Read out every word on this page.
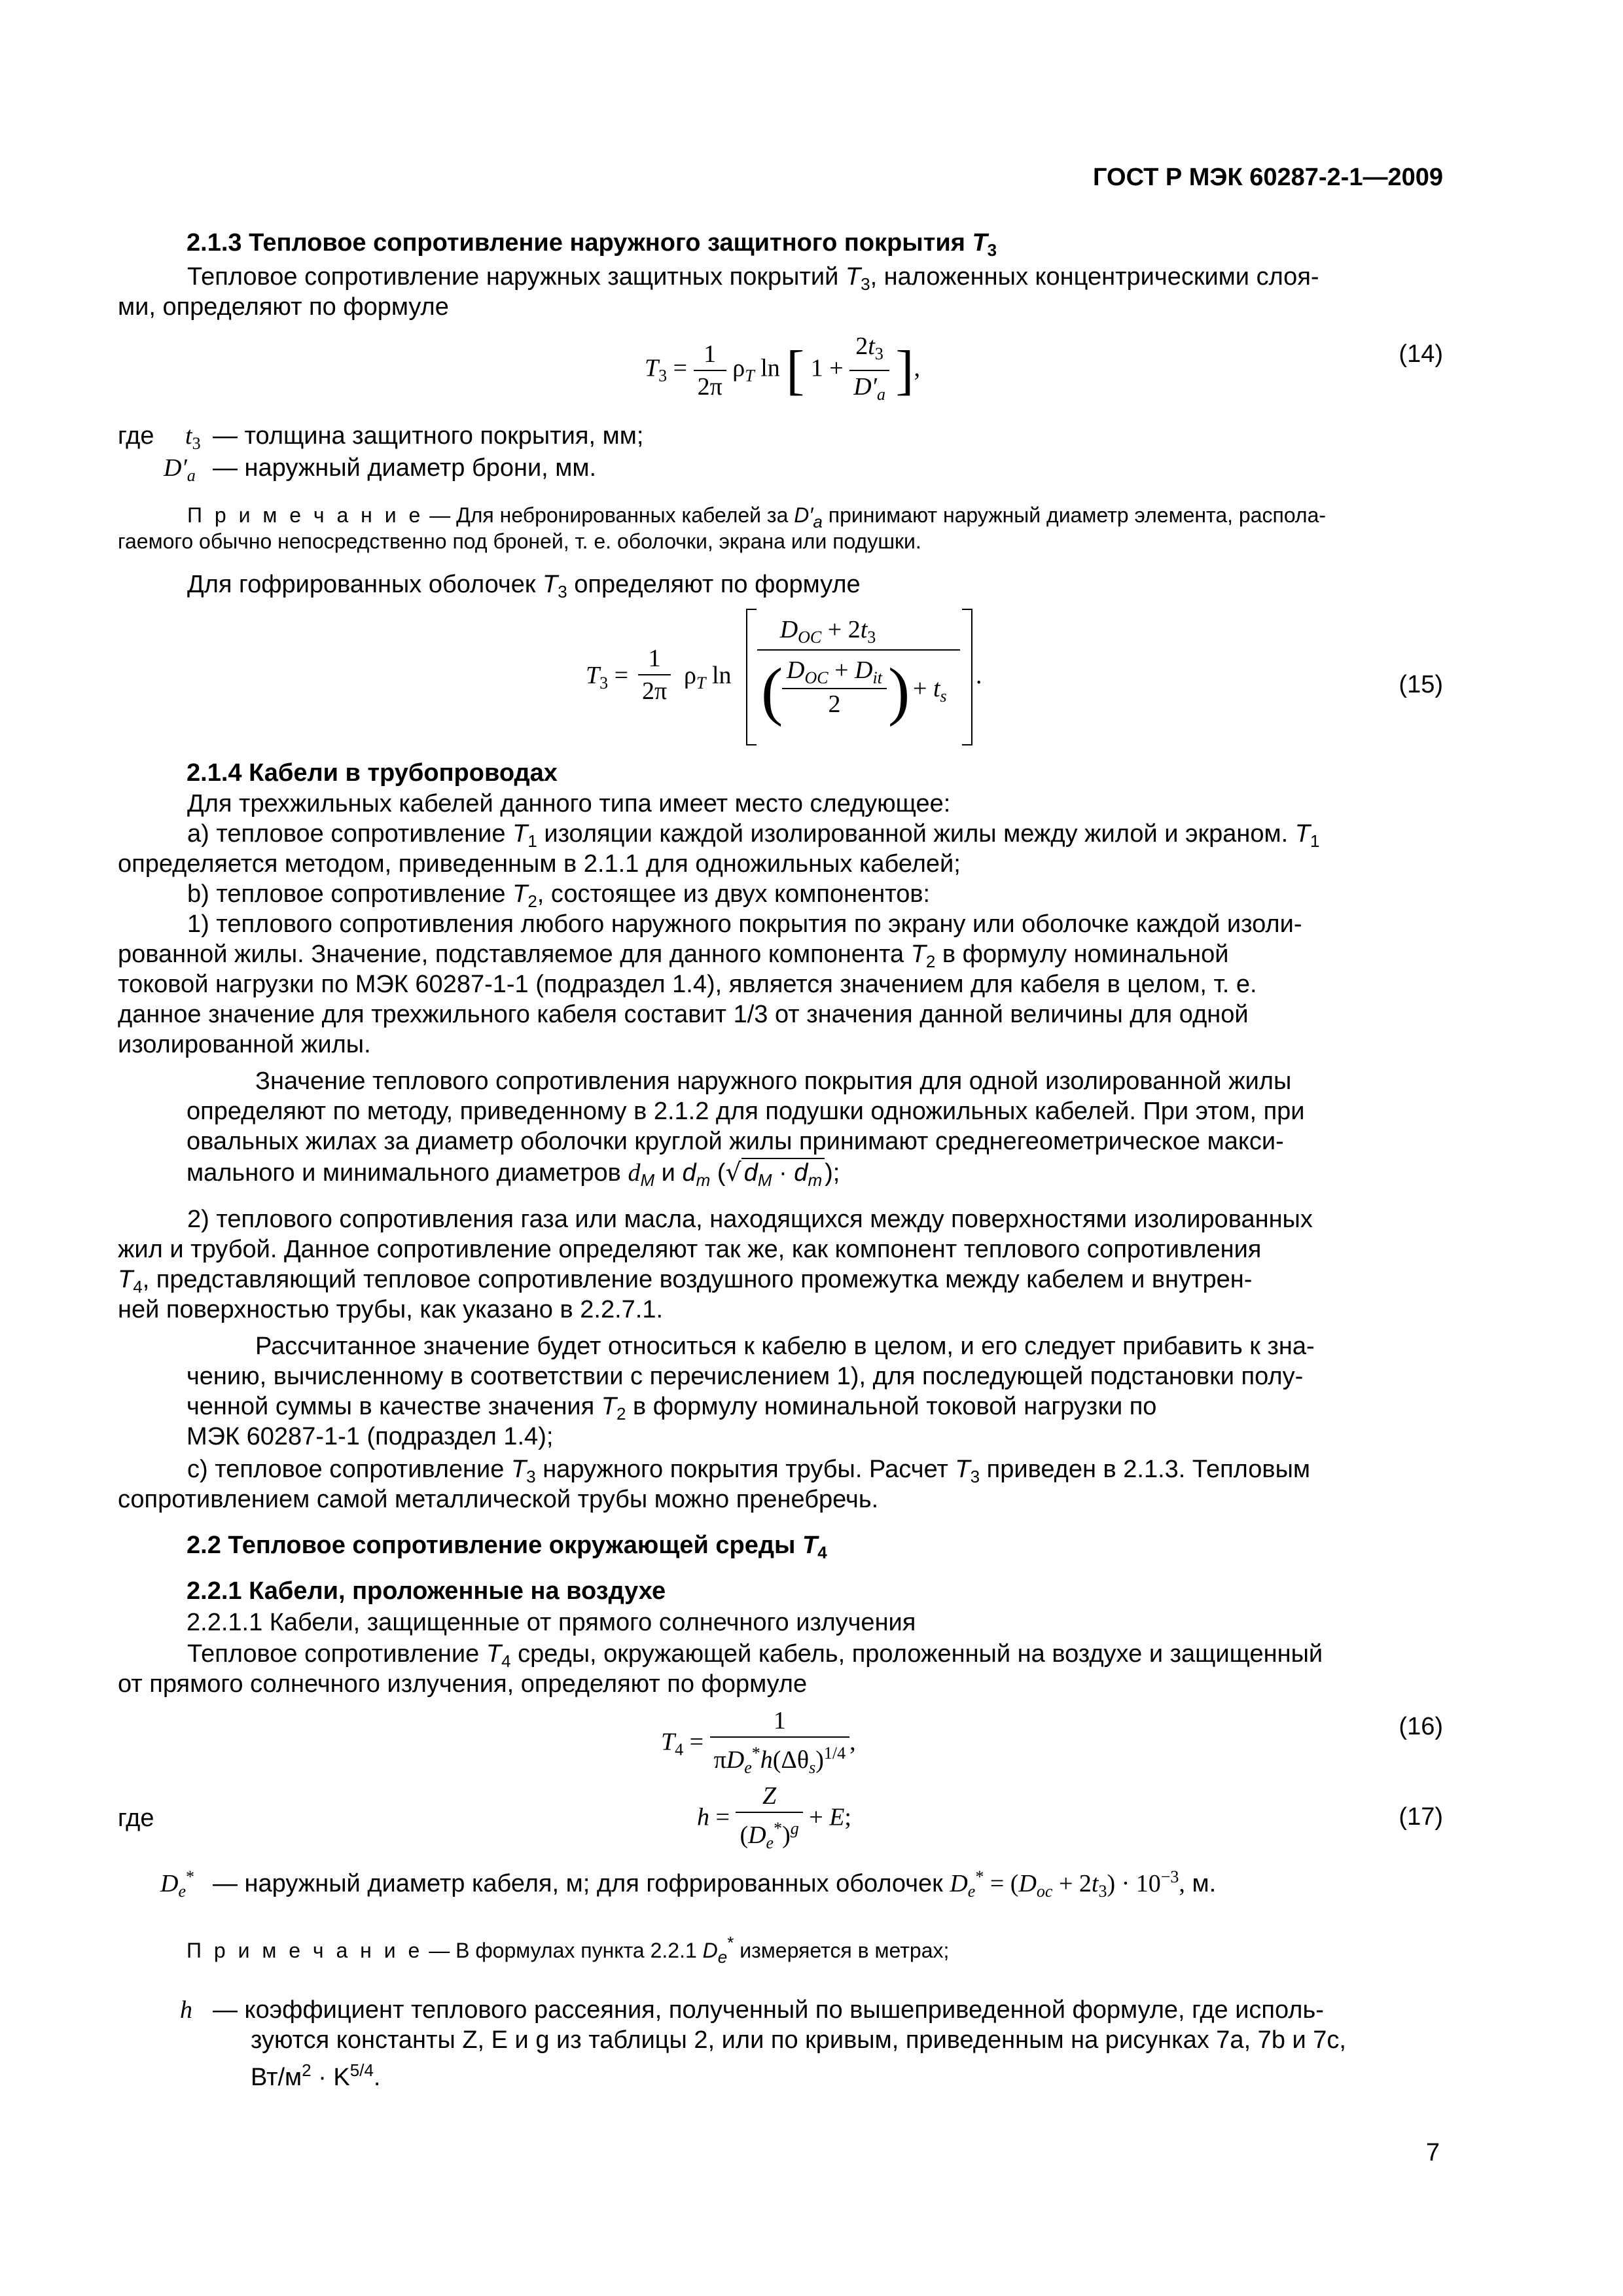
ГОСТ Р МЭК 60287-2-1—2009
2.1.3 Тепловое сопротивление наружного защитного покрытия $T_3$
Тепловое сопротивление наружных защитных покрытий $T_3$, наложенных концентрическими слоя-
ми, определяют по формуле
$T_3 = \frac{1}{2\pi} \rho_T$ ln [ $1 + \frac{2t_3}{D'_a}$ ],
(14)
где $t_3$ — толщина защитного покрытия, мм;
$D'_a$ — наружный диаметр брони, мм.
П р и м е ч а н и е — Для небронированных кабелей за $D'_a$ принимают наружный диаметр элемента, распола-
гаемого обычно непосредственно под броней, т. е. оболочки, экрана или подушки.
Для гофрированных оболочек $T_3$ определяют по формуле
$T_3 = \frac{1}{2\pi} \rho_T$ ln
$D_{OC} + 2t_3$
( $D_{OC} + D_{it}$
2 ) + $t_s$
.	(15)
2.1.4 Кабели в трубопроводах
Для трехжильных кабелей данного типа имеет место следующее:
а) тепловое сопротивление $T_1$ изоляции каждой изолированной жилы между жилой и экраном. $T_1$
определяется методом, приведенным в 2.1.1 для одножильных кабелей;
b) тепловое сопротивление $T_2$, состоящее из двух компонентов:
1) теплового сопротивления любого наружного покрытия по экрану или оболочке каждой изоли-
рованной жилы. Значение, подставляемое для данного компонента $T_2$ в формулу номинальной
токовой нагрузки по МЭК 60287-1-1 (подраздел 1.4), является значением для кабеля в целом, т. е.
данное значение для трехжильного кабеля составит 1/3 от значения данной величины для одной
изолированной жилы.
Значение теплового сопротивления наружного покрытия для одной изолированной жилы
определяют по методу, приведенному в 2.1.2 для подушки одножильных кабелей. При этом, при
овальных жилах за диаметр оболочки круглой жилы принимают среднегеометрическое макси-
мального и минимального диаметров $d_M$ и $d_m$ (√ $d_M \cdot d_m$ );
2) теплового сопротивления газа или масла, находящихся между поверхностями изолированных
жил и трубой. Данное сопротивление определяют так же, как компонент теплового сопротивления
$T_4$, представляющий тепловое сопротивление воздушного промежутка между кабелем и внутрен-
ней поверхностью трубы, как указано в 2.2.7.1.
Рассчитанное значение будет относиться к кабелю в целом, и его следует прибавить к зна-
чению, вычисленному в соответствии с перечислением 1), для последующей подстановки полу-
ченной суммы в качестве значения $T_2$ в формулу номинальной токовой нагрузки по
МЭК 60287-1-1 (подраздел 1.4);
c) тепловое сопротивление $T_3$ наружного покрытия трубы. Расчет $T_3$ приведен в 2.1.3. Тепловым
сопротивлением самой металлической трубы можно пренебречь.
2.2 Тепловое сопротивление окружающей среды $T_4$
2.2.1 Кабели, проложенные на воздухе
2.2.1.1 Кабели, защищенные от прямого солнечного излучения
Тепловое сопротивление $T_4$ среды, окружающей кабель, проложенный на воздухе и защищенный
от прямого солнечного излучения, определяют по формуле
$T_4 = \frac{1}{\pi D_e^*h(\Delta\theta_s)^{1/4}}$ ,
(16)
где	$h = \frac{Z}{(D_e^*)^g} + E$;	(17)
$D_e^*$ — наружный диаметр кабеля, м; для гофрированных оболочек $D_e^* = (D_{oc} + 2t_3) \cdot 10^{-3}$, м.
П р и м е ч а н и е — В формулах пункта 2.2.1 $D_e^*$ измеряется в метрах;
h — коэффициент теплового рассеяния, полученный по вышеприведенной формуле, где исполь-
зуются константы Z, E и g из таблицы 2, или по кривым, приведенным на рисунках 7а, 7b и 7с,
$Вт/м^2 \cdot K^{5/4}$.
7
